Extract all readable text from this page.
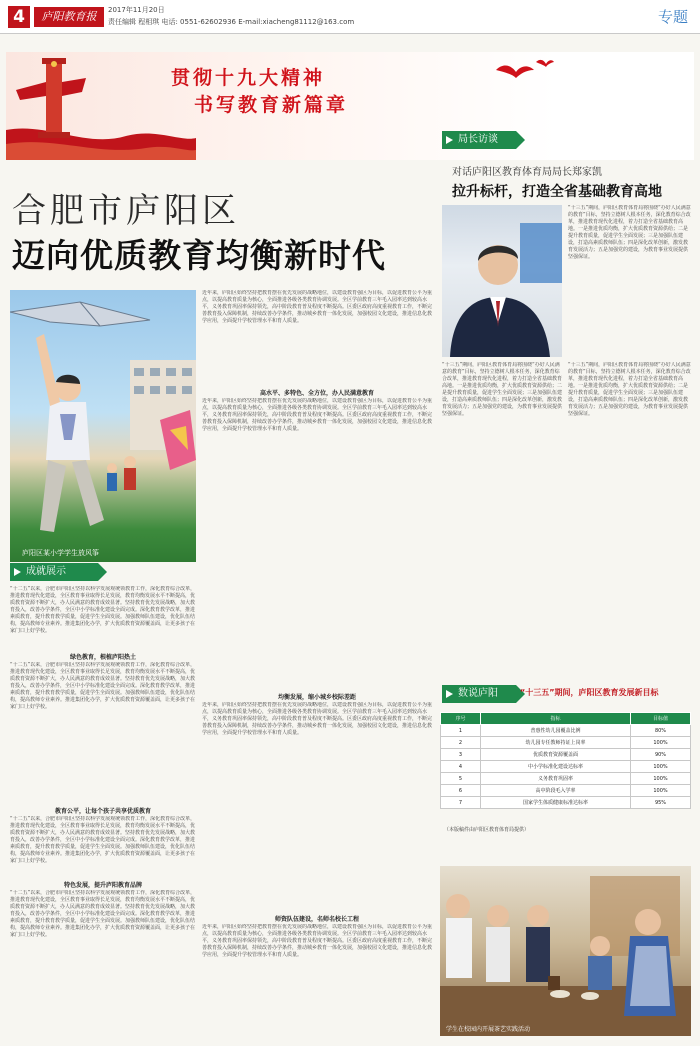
4	庐阳教育报	2017年11月20日
责任编辑 程相琪 电话: 0551-62602936 E-mail:xiacheng81112@163.com	专题
贯彻十九大精神
书写教育新篇章
合肥市庐阳区
迈向优质教育均衡新时代
庐阳区某小学学生放风筝
成就展示
“十二五”以来，合肥市庐阳区坚持以科学发展观统领教育工作，深化教育综合改革，推进教育现代化建设，全区教育事业取得长足发展，教育均衡发展水平不断提高，优质教育资源不断扩大，办人民满意的教育成效显著。坚持教育优先发展战略，加大教育投入，改善办学条件，全区中小学标准化建设全面完成。深化教育教学改革，推进素质教育，提升教育教学质量，促进学生全面发展。加强教师队伍建设，优化队伍结构，提高教师专业素养。推进集团化办学，扩大优质教育资源覆盖面，让更多孩子在家门口上好学校。
绿色教育，根植庐阳热土
“十二五”以来，合肥市庐阳区坚持以科学发展观统领教育工作，深化教育综合改革，推进教育现代化建设，全区教育事业取得长足发展，教育均衡发展水平不断提高，优质教育资源不断扩大，办人民满意的教育成效显著。坚持教育优先发展战略，加大教育投入，改善办学条件，全区中小学标准化建设全面完成。深化教育教学改革，推进素质教育，提升教育教学质量，促进学生全面发展。加强教师队伍建设，优化队伍结构，提高教师专业素养。推进集团化办学，扩大优质教育资源覆盖面，让更多孩子在家门口上好学校。
教育公平，让每个孩子共享优质教育
“十二五”以来，合肥市庐阳区坚持以科学发展观统领教育工作，深化教育综合改革，推进教育现代化建设，全区教育事业取得长足发展，教育均衡发展水平不断提高，优质教育资源不断扩大，办人民满意的教育成效显著。坚持教育优先发展战略，加大教育投入，改善办学条件，全区中小学标准化建设全面完成。深化教育教学改革，推进素质教育，提升教育教学质量，促进学生全面发展。加强教师队伍建设，优化队伍结构，提高教师专业素养。推进集团化办学，扩大优质教育资源覆盖面，让更多孩子在家门口上好学校。
特色发展，提升庐阳教育品牌
“十二五”以来，合肥市庐阳区坚持以科学发展观统领教育工作，深化教育综合改革，推进教育现代化建设，全区教育事业取得长足发展，教育均衡发展水平不断提高，优质教育资源不断扩大，办人民满意的教育成效显著。坚持教育优先发展战略，加大教育投入，改善办学条件，全区中小学标准化建设全面完成。深化教育教学改革，推进素质教育，提升教育教学质量，促进学生全面发展。加强教师队伍建设，优化队伍结构，提高教师专业素养。推进集团化办学，扩大优质教育资源覆盖面，让更多孩子在家门口上好学校。
近年来，庐阳区始终坚持把教育摆在优先发展的战略地位，以建设教育强区为目标，以促进教育公平为重点，以提高教育质量为核心，全面推进各级各类教育协调发展。全区学前教育三年毛入园率达到较高水平，义务教育巩固率保持领先，高中阶段教育普及程度不断提高。区委区政府高度重视教育工作，不断完善教育投入保障机制，持续改善办学条件，推动城乡教育一体化发展，加强校园文化建设，推进信息化教学应用，全面提升学校管理水平和育人质量。
高水平、多特色、全方位，办人民满意教育
近年来，庐阳区始终坚持把教育摆在优先发展的战略地位，以建设教育强区为目标，以促进教育公平为重点，以提高教育质量为核心，全面推进各级各类教育协调发展。全区学前教育三年毛入园率达到较高水平，义务教育巩固率保持领先，高中阶段教育普及程度不断提高。区委区政府高度重视教育工作，不断完善教育投入保障机制，持续改善办学条件，推动城乡教育一体化发展，加强校园文化建设，推进信息化教学应用，全面提升学校管理水平和育人质量。
均衡发展，缩小城乡校际差距
近年来，庐阳区始终坚持把教育摆在优先发展的战略地位，以建设教育强区为目标，以促进教育公平为重点，以提高教育质量为核心，全面推进各级各类教育协调发展。全区学前教育三年毛入园率达到较高水平，义务教育巩固率保持领先，高中阶段教育普及程度不断提高。区委区政府高度重视教育工作，不断完善教育投入保障机制，持续改善办学条件，推动城乡教育一体化发展，加强校园文化建设，推进信息化教学应用，全面提升学校管理水平和育人质量。
师资队伍建设，名师名校长工程
近年来，庐阳区始终坚持把教育摆在优先发展的战略地位，以建设教育强区为目标，以促进教育公平为重点，以提高教育质量为核心，全面推进各级各类教育协调发展。全区学前教育三年毛入园率达到较高水平，义务教育巩固率保持领先，高中阶段教育普及程度不断提高。区委区政府高度重视教育工作，不断完善教育投入保障机制，持续改善办学条件，推动城乡教育一体化发展，加强校园文化建设，推进信息化教学应用，全面提升学校管理水平和育人质量。
局长访谈
对话庐阳区教育体育局局长郑家凯
拉升标杆，打造全省基础教育高地
“十三五”期间，庐阳区教育体育局将围绕“办好人民满意的教育”目标，坚持立德树人根本任务，深化教育综合改革，推进教育现代化进程，着力打造全省基础教育高地。一是推进优质均衡，扩大优质教育资源供给；二是提升教育质量，促进学生全面发展；三是加强队伍建设，打造高素质教师队伍；四是深化改革创新，激发教育发展活力；五是加强党的建设，为教育事业发展提供坚强保证。
“十三五”期间，庐阳区教育体育局将围绕“办好人民满意的教育”目标，坚持立德树人根本任务，深化教育综合改革，推进教育现代化进程，着力打造全省基础教育高地。一是推进优质均衡，扩大优质教育资源供给；二是提升教育质量，促进学生全面发展；三是加强队伍建设，打造高素质教师队伍；四是深化改革创新，激发教育发展活力；五是加强党的建设，为教育事业发展提供坚强保证。
“十三五”期间，庐阳区教育体育局将围绕“办好人民满意的教育”目标，坚持立德树人根本任务，深化教育综合改革，推进教育现代化进程，着力打造全省基础教育高地。一是推进优质均衡，扩大优质教育资源供给；二是提升教育质量，促进学生全面发展；三是加强队伍建设，打造高素质教师队伍；四是深化改革创新，激发教育发展活力；五是加强党的建设，为教育事业发展提供坚强保证。
数说庐阳	“十三五”期间，庐阳区教育发展新目标
序号	指标	目标值
1	普惠性幼儿园覆盖比例	80%
2	幼儿园专任教师持证上岗率	100%
3	优质教育资源覆盖面	90%
4	中小学标准化建设达标率	100%
5	义务教育巩固率	100%
6	高中阶段毛入学率	100%
7	国家学生体质健康标准达标率	95%
（本版稿件由庐阳区教育体育局提供）
学生在校园内开展茶艺实践活动
